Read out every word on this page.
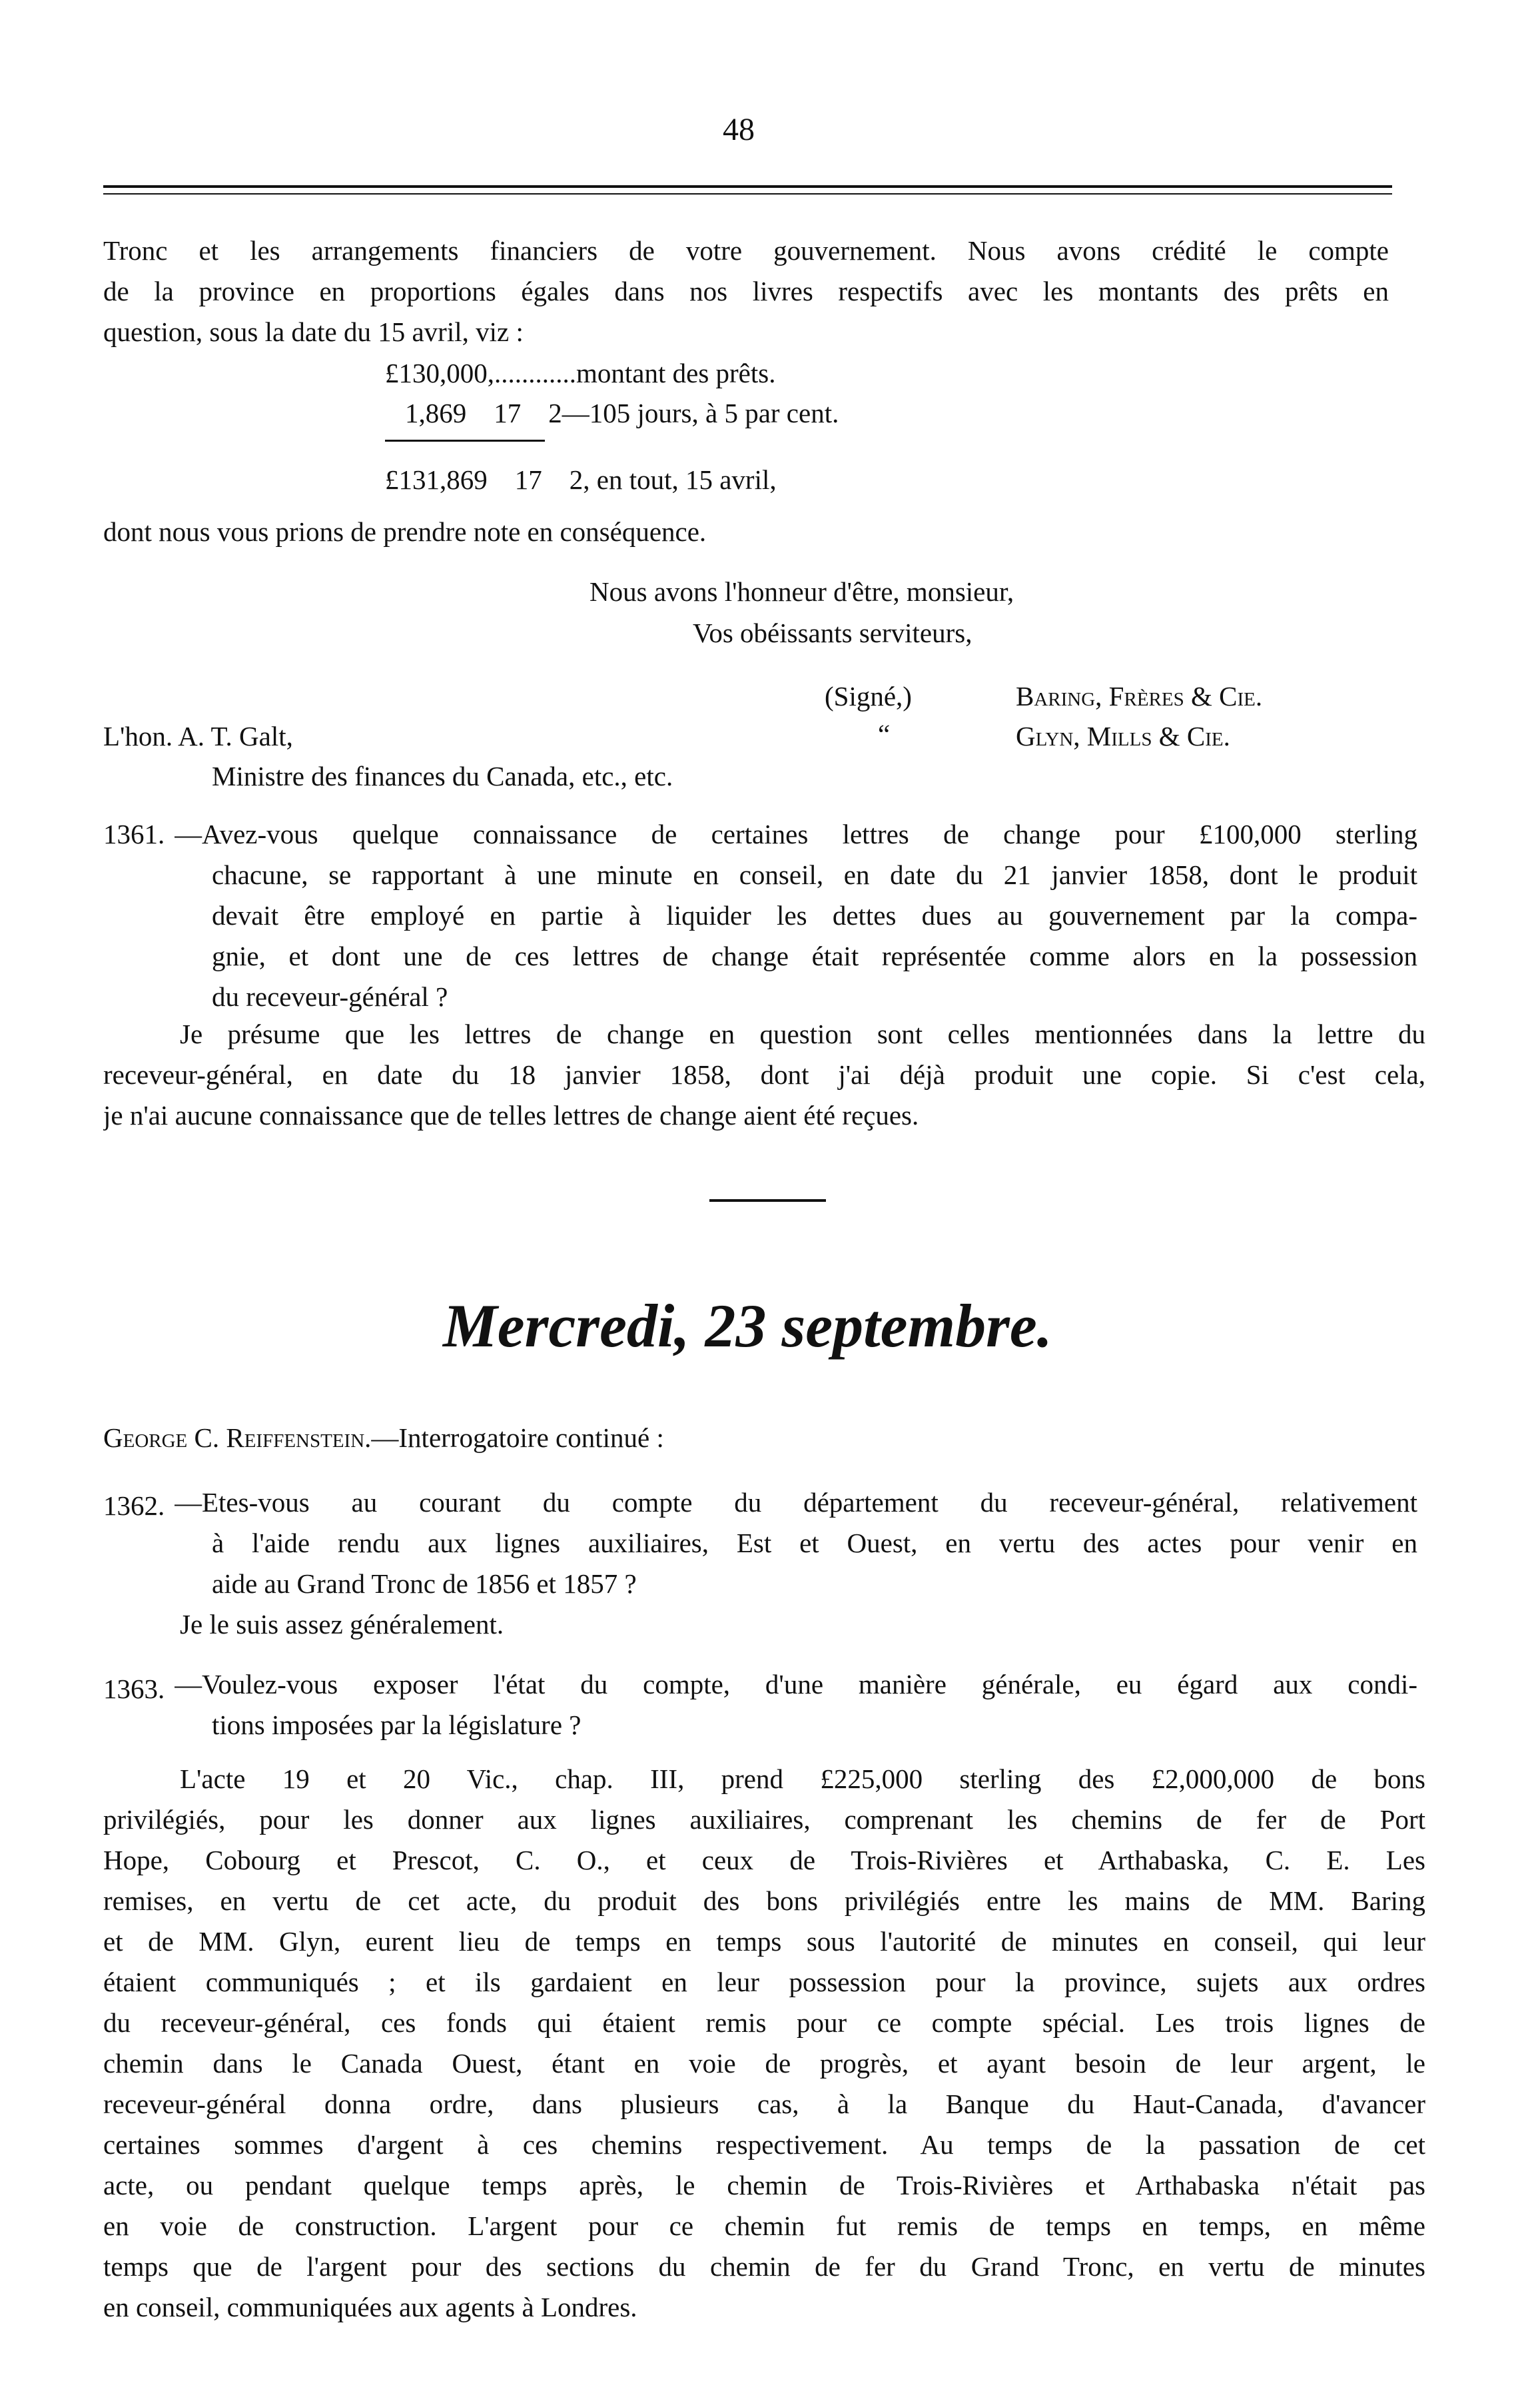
48
Tronc et les arrangements financiers de votre gouvernement. Nous avons crédité le compte
de la province en proportions égales dans nos livres respectifs avec les montants des prêts en
question, sous la date du 15 avril, viz :
£130,000,............montant des prêts.
1,869    17    2—105 jours, à 5 par cent.
£131,869    17    2, en tout, 15 avril,
dont nous vous prions de prendre note en conséquence.
Nous avons l'honneur d'être, monsieur,
Vos obéissants serviteurs,
(Signé,)	Baring, Frères & Cie.
“	Glyn, Mills & Cie.
L'hon. A. T. Galt,
Ministre des finances du Canada, etc., etc.
1361. —Avez-vous quelque connaissance de certaines lettres de change pour £100,000 sterling
chacune, se rapportant à une minute en conseil, en date du 21 janvier 1858, dont le produit
devait être employé en partie à liquider les dettes dues au gouvernement par la compa-
gnie, et dont une de ces lettres de change était représentée comme alors en la possession
du receveur-général ?
Je présume que les lettres de change en question sont celles mentionnées dans la lettre du
receveur-général, en date du 18 janvier 1858, dont j'ai déjà produit une copie. Si c'est cela,
je n'ai aucune connaissance que de telles lettres de change aient été reçues.
Mercredi, 23 septembre.
George C. Reiffenstein.—Interrogatoire continué :
1362. —Etes-vous au courant du compte du département du receveur-général, relativement
à l'aide rendu aux lignes auxiliaires, Est et Ouest, en vertu des actes pour venir en
aide au Grand Tronc de 1856 et 1857 ?
Je le suis assez généralement.
1363. —Voulez-vous exposer l'état du compte, d'une manière générale, eu égard aux condi-
tions imposées par la législature ?
L'acte 19 et 20 Vic., chap. III, prend £225,000 sterling des £2,000,000 de bons
privilégiés, pour les donner aux lignes auxiliaires, comprenant les chemins de fer de Port
Hope, Cobourg et Prescot, C. O., et ceux de Trois-Rivières et Arthabaska, C. E. Les
remises, en vertu de cet acte, du produit des bons privilégiés entre les mains de MM. Baring
et de MM. Glyn, eurent lieu de temps en temps sous l'autorité de minutes en conseil, qui leur
étaient communiqués ; et ils gardaient en leur possession pour la province, sujets aux ordres
du receveur-général, ces fonds qui étaient remis pour ce compte spécial. Les trois lignes de
chemin dans le Canada Ouest, étant en voie de progrès, et ayant besoin de leur argent, le
receveur-général donna ordre, dans plusieurs cas, à la Banque du Haut-Canada, d'avancer
certaines sommes d'argent à ces chemins respectivement. Au temps de la passation de cet
acte, ou pendant quelque temps après, le chemin de Trois-Rivières et Arthabaska n'était pas
en voie de construction. L'argent pour ce chemin fut remis de temps en temps, en même
temps que de l'argent pour des sections du chemin de fer du Grand Tronc, en vertu de minutes
en conseil, communiquées aux agents à Londres.
